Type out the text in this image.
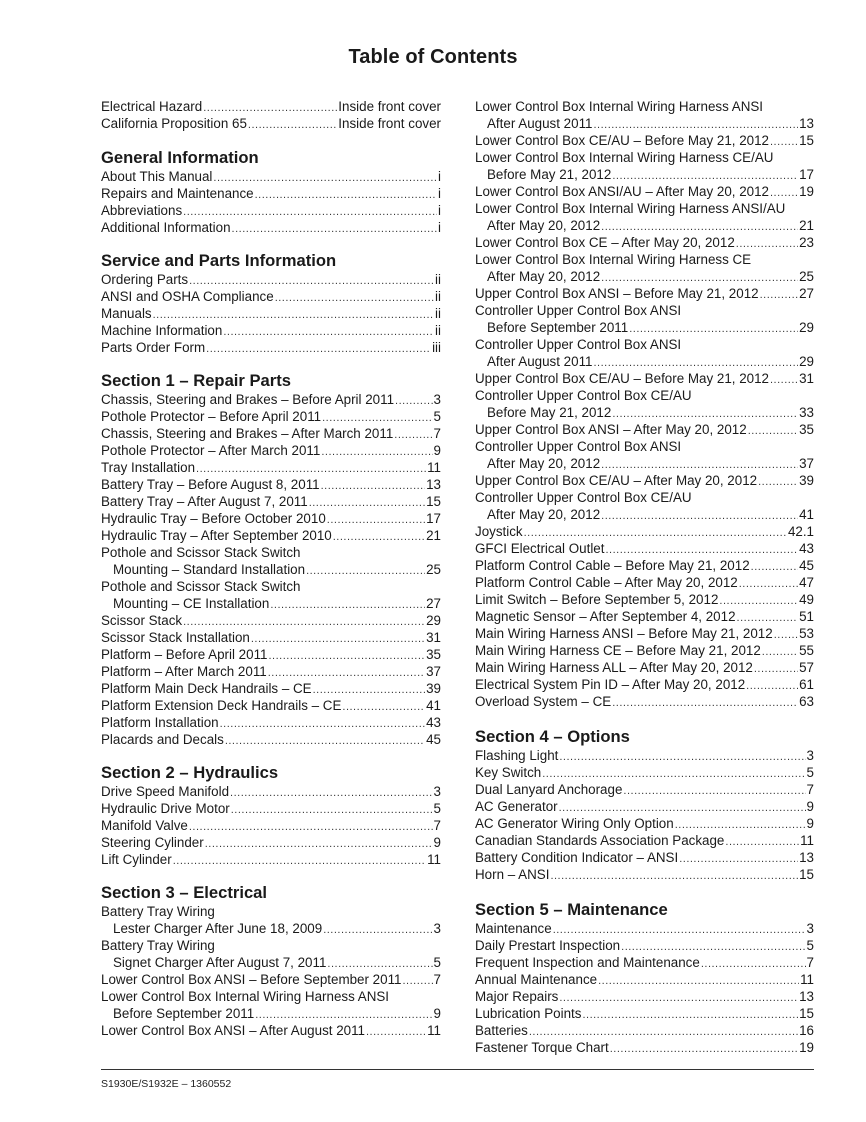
Table of Contents
Electrical Hazard .....	Inside front cover
California Proposition 65 .....	Inside front cover
General Information
About This Manual .....	i
Repairs and Maintenance .....	i
Abbreviations .....	i
Additional Information .....	i
Service and Parts Information
Ordering Parts .....	ii
ANSI and OSHA Compliance .....	ii
Manuals .....	ii
Machine Information .....	ii
Parts Order Form .....	iii
Section 1 – Repair Parts
Chassis, Steering and Brakes – Before April 2011 .....	3
Pothole Protector – Before April 2011 .....	5
Chassis, Steering and Brakes – After March 2011 .....	7
Pothole Protector – After March 2011 .....	9
Tray Installation .....	11
Battery Tray – Before August 8, 2011 .....	13
Battery Tray – After August 7, 2011 .....	15
Hydraulic Tray – Before October 2010 .....	17
Hydraulic Tray – After September 2010 .....	21
Pothole and Scissor Stack Switch
Mounting – Standard Installation .....	25
Pothole and Scissor Stack Switch
Mounting – CE Installation .....	27
Scissor Stack .....	29
Scissor Stack Installation .....	31
Platform – Before April 2011 .....	35
Platform – After March 2011 .....	37
Platform Main Deck Handrails – CE .....	39
Platform Extension Deck Handrails – CE .....	41
Platform Installation .....	43
Placards and Decals .....	45
Section 2 – Hydraulics
Drive Speed Manifold .....	3
Hydraulic Drive Motor .....	5
Manifold Valve .....	7
Steering Cylinder .....	9
Lift Cylinder .....	11
Section 3 – Electrical
Battery Tray Wiring
Lester Charger After June 18, 2009 .....	3
Battery Tray Wiring
Signet Charger After August 7, 2011 .....	5
Lower Control Box ANSI – Before September 2011 ..... 7
Lower Control Box Internal Wiring Harness ANSI
Before September 2011 .....	9
Lower Control Box ANSI – After August 2011 .....	11
Lower Control Box Internal Wiring Harness ANSI
After August 2011 .....	13
Lower Control Box CE/AU – Before May 21, 2012 ..... 15
Lower Control Box Internal Wiring Harness CE/AU
Before May 21, 2012 .....	17
Lower Control Box ANSI/AU – After May 20, 2012 ..... 19
Lower Control Box Internal Wiring Harness ANSI/AU
After May 20, 2012 .....	21
Lower Control Box CE – After May 20, 2012 .....	23
Lower Control Box Internal Wiring Harness CE
After May 20, 2012 .....	25
Upper Control Box ANSI – Before May 21, 2012 .....	27
Controller Upper Control Box ANSI
Before September 2011 .....	29
Controller Upper Control Box ANSI
After August 2011 .....	29
Upper Control Box CE/AU – Before May 21, 2012 ..... 31
Controller Upper Control Box CE/AU
Before May 21, 2012 .....	33
Upper Control Box ANSI – After May 20, 2012 .....	35
Controller Upper Control Box ANSI
After May 20, 2012 .....	37
Upper Control Box CE/AU – After May 20, 2012 .....	39
Controller Upper Control Box CE/AU
After May 20, 2012 .....	41
Joystick .....	42.1
GFCI Electrical Outlet .....	43
Platform Control Cable – Before May 21, 2012 .....	45
Platform Control Cable – After May 20, 2012 .....	47
Limit Switch – Before September 5, 2012 .....	49
Magnetic Sensor – After September 4, 2012 .....	51
Main Wiring Harness ANSI – Before May 21, 2012 ..... 53
Main Wiring Harness CE – Before May 21, 2012 .....	55
Main Wiring Harness ALL – After May 20, 2012 .....	57
Electrical System Pin ID – After May 20, 2012 .....	61
Overload System – CE .....	63
Section 4 – Options
Flashing Light .....	3
Key Switch .....	5
Dual Lanyard Anchorage .....	7
AC Generator .....	9
AC Generator Wiring Only Option .....	9
Canadian Standards Association Package .....	11
Battery Condition Indicator – ANSI .....	13
Horn – ANSI .....	15
Section 5 – Maintenance
Maintenance .....	3
Daily Prestart Inspection .....	5
Frequent Inspection and Maintenance .....	7
Annual Maintenance .....	11
Major Repairs .....	13
Lubrication Points .....	15
Batteries .....	16
Fastener Torque Chart .....	19
S1930E/S1932E – 1360552
